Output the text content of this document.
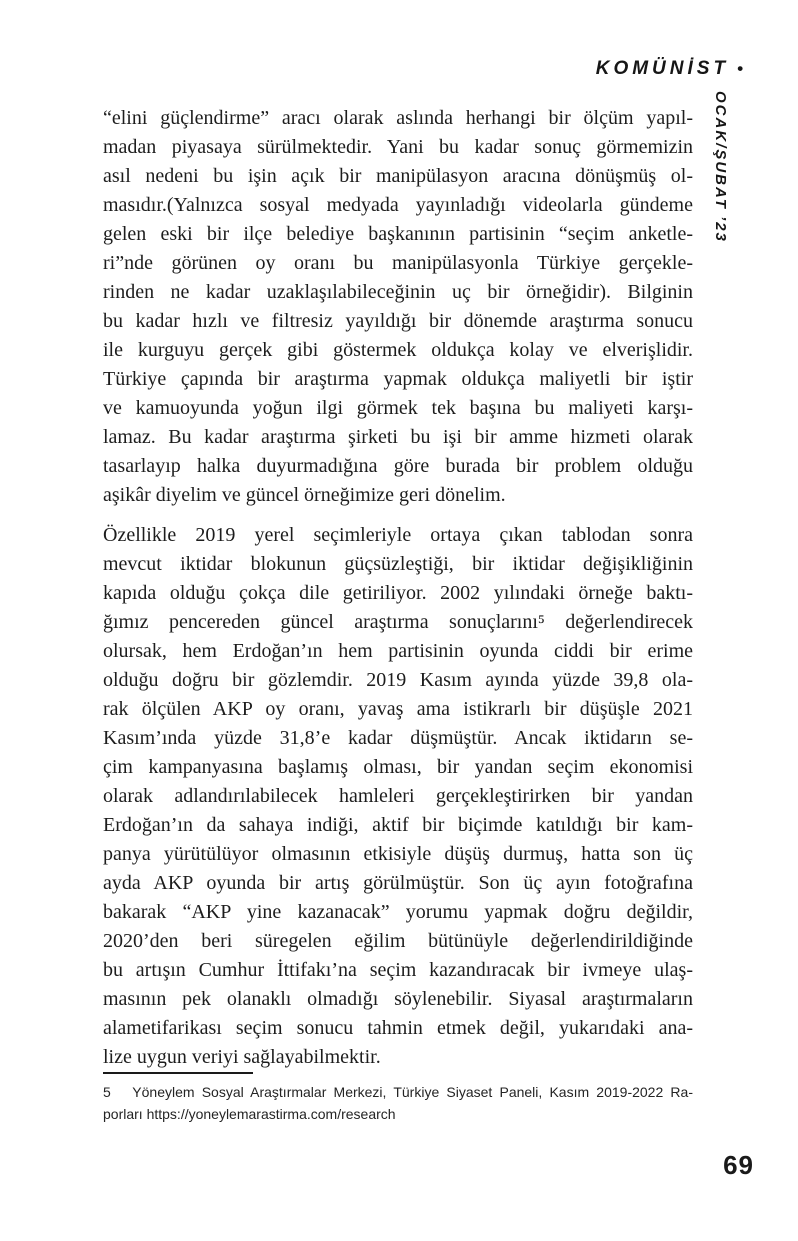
KOMÜNİST •
OCAK/ŞUBAT ’23
“elini güçlendirme” aracı olarak aslında herhangi bir ölçüm yapıl-
madan piyasaya sürülmektedir. Yani bu kadar sonuç görmemizin
asıl nedeni bu işin açık bir manipülasyon aracına dönüşmüş ol-
masıdır.(Yalnızca sosyal medyada yayınladığı videolarla gündeme
gelen eski bir ilçe belediye başkanının partisinin “seçim anketle-
ri”nde görünen oy oranı bu manipülasyonla Türkiye gerçekle-
rinden ne kadar uzaklaşılabileceğinin uç bir örneğidir). Bilginin
bu kadar hızlı ve filtresiz yayıldığı bir dönemde araştırma sonucu
ile kurguyu gerçek gibi göstermek oldukça kolay ve elverişlidir.
Türkiye çapında bir araştırma yapmak oldukça maliyetli bir iştir
ve kamuoyunda yoğun ilgi görmek tek başına bu maliyeti karşı-
lamaz. Bu kadar araştırma şirketi bu işi bir amme hizmeti olarak
tasarlayıp halka duyurmadığına göre burada bir problem olduğu
aşikâr diyelim ve güncel örneğimize geri dönelim.
Özellikle 2019 yerel seçimleriyle ortaya çıkan tablodan sonra
mevcut iktidar blokunun güçsüzleştiği, bir iktidar değişikliğinin
kapıda olduğu çokça dile getiriliyor. 2002 yılındaki örneğe baktı-
ğımız pencereden güncel araştırma sonuçlarını⁵ değerlendirecek
olursak, hem Erdoğan’ın hem partisinin oyunda ciddi bir erime
olduğu doğru bir gözlemdir. 2019 Kasım ayında yüzde 39,8 ola-
rak ölçülen AKP oy oranı, yavaş ama istikrarlı bir düşüşle 2021
Kasım’ında yüzde 31,8’e kadar düşmüştür. Ancak iktidarın se-
çim kampanyasına başlamış olması, bir yandan seçim ekonomisi
olarak adlandırılabilecek hamleleri gerçekleştirirken bir yandan
Erdoğan’ın da sahaya indiği, aktif bir biçimde katıldığı bir kam-
panya yürütülüyor olmasının etkisiyle düşüş durmuş, hatta son üç
ayda AKP oyunda bir artış görülmüştür. Son üç ayın fotoğrafına
bakarak “AKP yine kazanacak” yorumu yapmak doğru değildir,
2020’den beri süregelen eğilim bütünüyle değerlendirildiğinde
bu artışın Cumhur İttifakı’na seçim kazandıracak bir ivmeye ulaş-
masının pek olanaklı olmadığı söylenebilir. Siyasal araştırmaların
alametifarikası seçim sonucu tahmin etmek değil, yukarıdaki ana-
lize uygun veriyi sağlayabilmektir.
5   Yöneylem Sosyal Araştırmalar Merkezi, Türkiye Siyaset Paneli, Kasım 2019-2022 Ra-
porları https://yoneylemarastirma.com/research
69
